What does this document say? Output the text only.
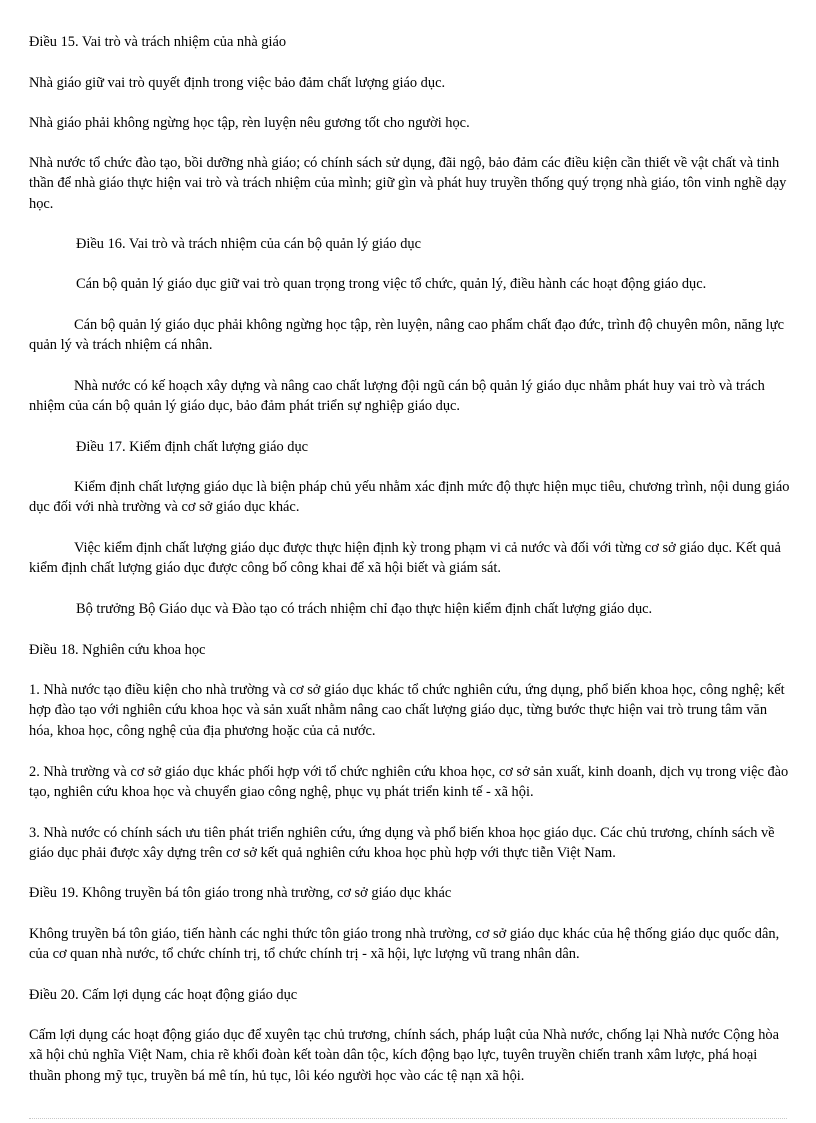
Điều 15. Vai trò và trách nhiệm của nhà giáo

Nhà giáo giữ vai trò quyết định trong việc bảo đảm chất lượng giáo dục.

Nhà giáo phải không ngừng học tập, rèn luyện nêu gương tốt cho người học.

Nhà nước tổ chức đào tạo, bồi dưỡng nhà giáo; có chính sách sử dụng, đãi ngộ, bảo đảm các điều kiện cần thiết về vật chất và tinh thần để nhà giáo thực hiện vai trò và trách nhiệm của mình; giữ gìn và phát huy truyền thống quý trọng nhà giáo, tôn vinh nghề dạy học.

Điều 16. Vai trò và trách nhiệm của cán bộ quản lý giáo dục

Cán bộ quản lý giáo dục giữ vai trò quan trọng trong việc tổ chức, quản lý, điều hành các hoạt động giáo dục.

Cán bộ quản lý giáo dục phải không ngừng học tập, rèn luyện, nâng cao phẩm chất đạo đức, trình độ chuyên môn, năng lực quản lý và trách nhiệm cá nhân.

Nhà nước có kế hoạch xây dựng và nâng cao chất lượng đội ngũ cán bộ quản lý giáo dục nhằm phát huy vai trò và trách nhiệm của cán bộ quản lý giáo dục, bảo đảm phát triển sự nghiệp giáo dục.

Điều 17. Kiểm định chất lượng giáo dục

Kiểm định chất lượng giáo dục là biện pháp chủ yếu nhằm xác định mức độ thực hiện mục tiêu, chương trình, nội dung giáo dục đối với nhà trường và cơ sở giáo dục khác.

Việc kiểm định chất lượng giáo dục được thực hiện định kỳ trong phạm vi cả nước và đối với từng cơ sở giáo dục. Kết quả kiểm định chất lượng giáo dục được công bố công khai để xã hội biết và giám sát.

Bộ trưởng Bộ Giáo dục và Đào tạo có trách nhiệm chỉ đạo thực hiện kiểm định chất lượng giáo dục.

Điều 18. Nghiên cứu khoa học

1. Nhà nước tạo điều kiện cho nhà trường và cơ sở giáo dục khác tổ chức nghiên cứu, ứng dụng, phổ biến khoa học, công nghệ; kết hợp đào tạo với nghiên cứu khoa học và sản xuất nhằm nâng cao chất lượng giáo dục, từng bước thực hiện vai trò trung tâm văn hóa, khoa học, công nghệ của địa phương hoặc của cả nước.

2. Nhà trường và cơ sở giáo dục khác phối hợp với tổ chức nghiên cứu khoa học, cơ sở sản xuất, kinh doanh, dịch vụ trong việc đào tạo, nghiên cứu khoa học và chuyển giao công nghệ, phục vụ phát triển kinh tế - xã hội.

3. Nhà nước có chính sách ưu tiên phát triển nghiên cứu, ứng dụng và phổ biến khoa học giáo dục. Các chủ trương, chính sách về giáo dục phải được xây dựng trên cơ sở kết quả nghiên cứu khoa học phù hợp với thực tiễn Việt Nam.

Điều 19. Không truyền bá tôn giáo trong nhà trường, cơ sở giáo dục khác

Không truyền bá tôn giáo, tiến hành các nghi thức tôn giáo trong nhà trường, cơ sở giáo dục khác của hệ thống giáo dục quốc dân, của cơ quan nhà nước, tổ chức chính trị, tổ chức chính trị - xã hội, lực lượng vũ trang nhân dân.

Điều 20. Cấm lợi dụng các hoạt động giáo dục

Cấm lợi dụng các hoạt động giáo dục để xuyên tạc chủ trương, chính sách, pháp luật của Nhà nước, chống lại Nhà nước Cộng hòa xã hội chủ nghĩa Việt Nam, chia rẽ khối đoàn kết toàn dân tộc, kích động bạo lực, tuyên truyền chiến tranh xâm lược, phá hoại thuần phong mỹ tục, truyền bá mê tín, hủ tục, lôi kéo người học vào các tệ nạn xã hội.
